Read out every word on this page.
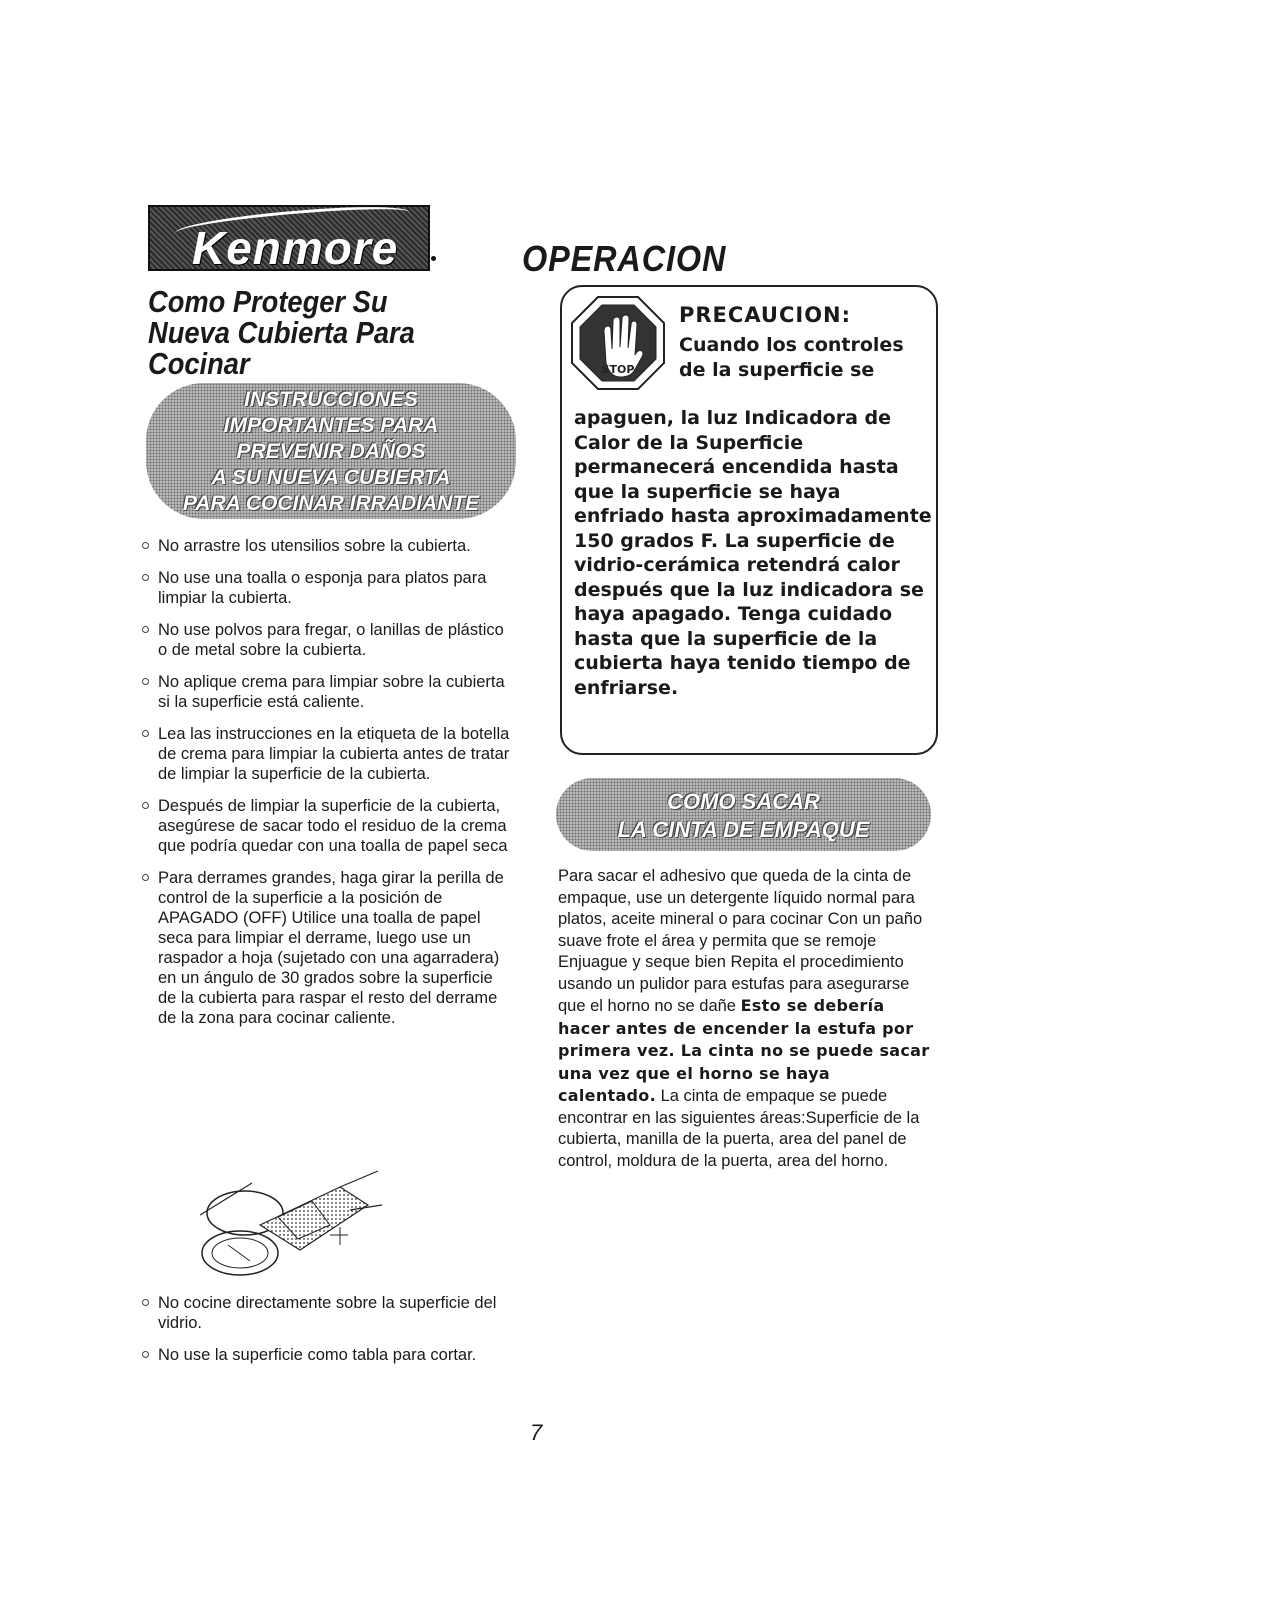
Kenmore	OPERACION
Como Proteger Su Nueva Cubierta Para Cocinar
INSTRUCCIONES
IMPORTANTES PARA
PREVENIR DAÑOS
A SU NUEVA CUBIERTA
PARA COCINAR IRRADIANTE
No arrastre los utensilios sobre la cubierta.
No use una toalla o esponja para platos para limpiar la cubierta.
No use polvos para fregar, o lanillas de plástico o de metal sobre la cubierta.
No aplique crema para limpiar sobre la cubierta si la superficie está caliente.
Lea las instrucciones en la etiqueta de la botella de crema para limpiar la cubierta antes de tratar de limpiar la superficie de la cubierta.
Después de limpiar la superficie de la cubierta, asegúrese de sacar todo el residuo de la crema que podría quedar con una toalla de papel seca
Para derrames grandes, haga girar la perilla de control de la superficie a la posición de APAGADO (OFF) Utilice una toalla de papel seca para limpiar el derrame, luego use un raspador a hoja (sujetado con una agarradera) en un ángulo de 30 grados sobre la superficie de la cubierta para raspar el resto del derrame de la zona para cocinar caliente.
No cocine directamente sobre la superficie del vidrio.
No use la superficie como tabla para cortar.
STOP
PRECAUCION:
Cuando los controles de la superficie se
apaguen, la luz Indicadora de Calor de la Superficie permanecerá encendida hasta que la superficie se haya enfriado hasta aproximadamente 150 grados F. La superficie de vidrio-cerámica retendrá calor después que la luz indicadora se haya apagado. Tenga cuidado hasta que la superficie de la cubierta haya tenido tiempo de enfriarse.
COMO SACAR
LA CINTA DE EMPAQUE
Para sacar el adhesivo que queda de la cinta de empaque, use un detergente líquido normal para platos, aceite mineral o para cocinar Con un paño suave frote el área y permita que se remoje Enjuague y seque bien Repita el procedimiento usando un pulidor para estufas para asegurarse que el horno no se dañe Esto se debería hacer antes de encender la estufa por primera vez. La cinta no se puede sacar una vez que el horno se haya calentado. La cinta de empaque se puede encontrar en las siguientes áreas:Superficie de la cubierta, manilla de la puerta, area del panel de control, moldura de la puerta, area del horno.
7
